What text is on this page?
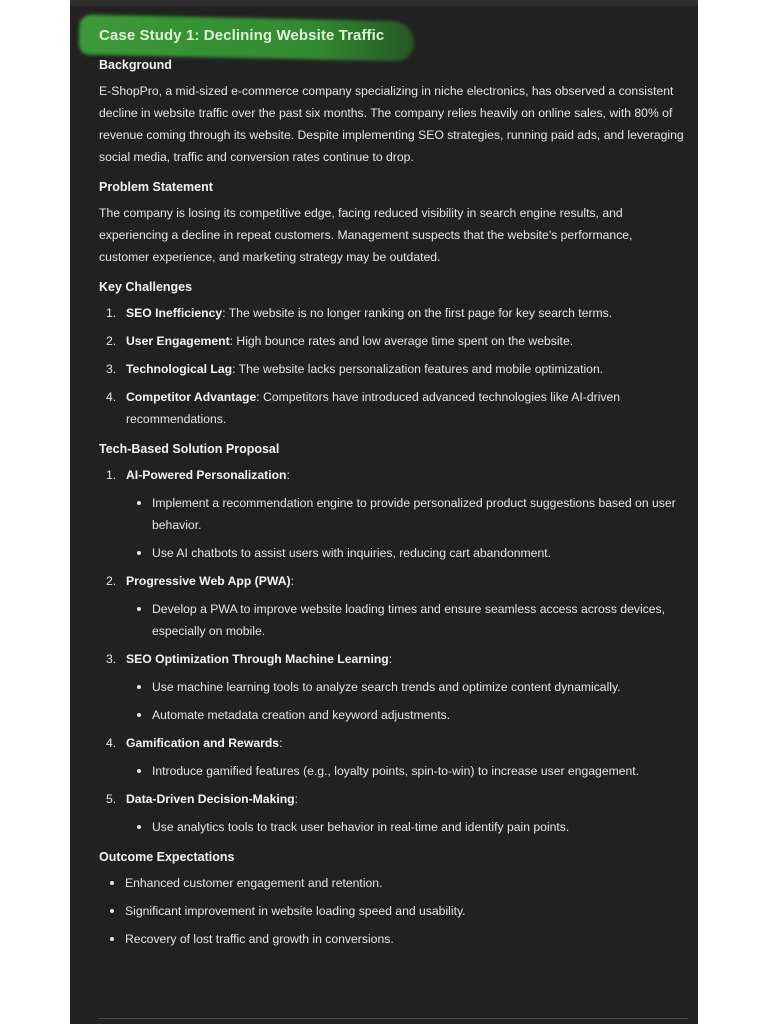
Case Study 1: Declining Website Traffic
Background

E-ShopPro, a mid-sized e-commerce company specializing in niche electronics, has observed a consistent decline in website traffic over the past six months. The company relies heavily on online sales, with 80% of revenue coming through its website. Despite implementing SEO strategies, running paid ads, and leveraging social media, traffic and conversion rates continue to drop.

Problem Statement

The company is losing its competitive edge, facing reduced visibility in search engine results, and experiencing a decline in repeat customers. Management suspects that the website's performance, customer experience, and marketing strategy may be outdated.

Key Challenges
1. SEO Inefficiency: The website is no longer ranking on the first page for key search terms.
2. User Engagement: High bounce rates and low average time spent on the website.
3. Technological Lag: The website lacks personalization features and mobile optimization.
4. Competitor Advantage: Competitors have introduced advanced technologies like AI-driven recommendations.
Tech-Based Solution Proposal
1. AI-Powered Personalization:
Implement a recommendation engine to provide personalized product suggestions based on user behavior.
Use AI chatbots to assist users with inquiries, reducing cart abandonment.
2. Progressive Web App (PWA):
Develop a PWA to improve website loading times and ensure seamless access across devices, especially on mobile.
3. SEO Optimization Through Machine Learning:
Use machine learning tools to analyze search trends and optimize content dynamically.
Automate metadata creation and keyword adjustments.
4. Gamification and Rewards:
Introduce gamified features (e.g., loyalty points, spin-to-win) to increase user engagement.
5. Data-Driven Decision-Making:
Use analytics tools to track user behavior in real-time and identify pain points.
Outcome Expectations
Enhanced customer engagement and retention.
Significant improvement in website loading speed and usability.
Recovery of lost traffic and growth in conversions.
